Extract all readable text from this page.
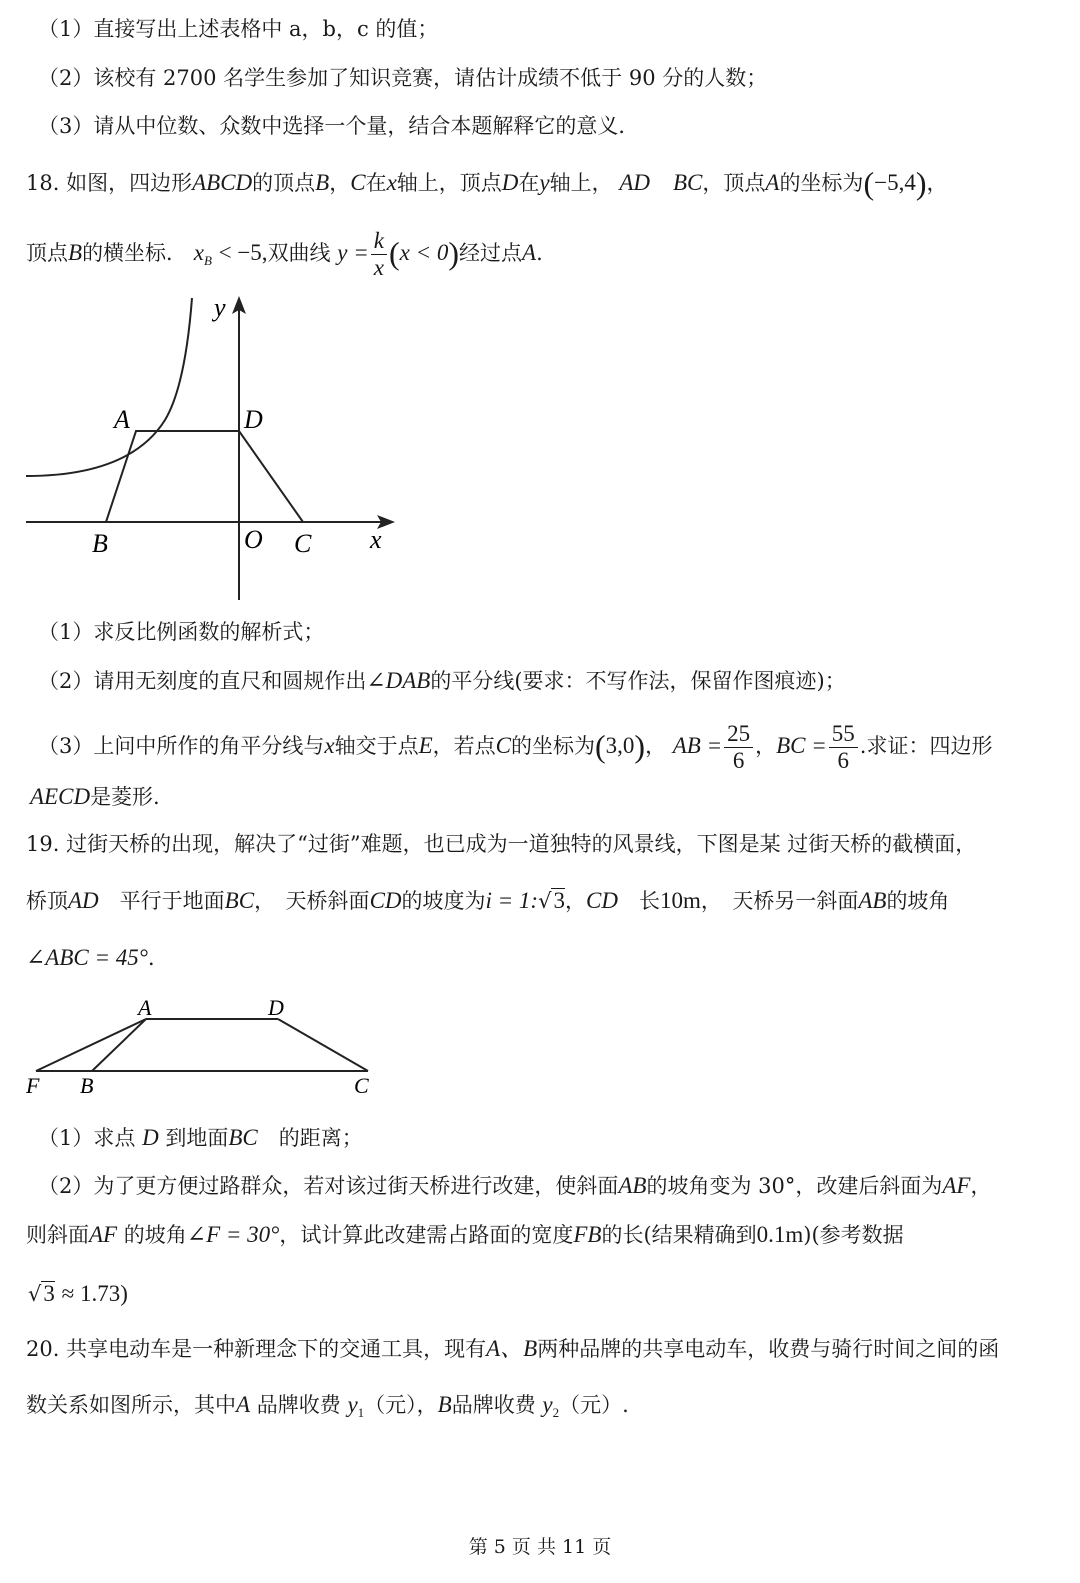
（1）直接写出上述表格中 a，b，c 的值；
（2）该校有 2700 名学生参加了知识竞赛，请估计成绩不低于 90 分的人数；
（3）请从中位数、众数中选择一个量，结合本题解释它的意义．
18. 如图，四边形ABCD的顶点B，C在x轴上，顶点D在y轴上， AD　BC，顶点A的坐标为(−5,4)，
顶点B的横坐标． $x_B < -5$,双曲线 $y = \frac{k}{x} (x < 0)$经过点A.
y
A	D
B	O C x
（1）求反比例函数的解析式；
（2）请用无刻度的直尺和圆规作出∠DAB的平分线(要求：不写作法，保留作图痕迹)；
（3）上问中所作的角平分线与x轴交于点E，若点C的坐标为(3,0)， AB = $\frac{25}{6}$ ，BC = $\frac{55}{6}$ .求证：四边形
AECD是菱形.
19. 过街天桥的出现，解决了“过街”难题，也已成为一道独特的风景线，下图是某 过街天桥的截横面，
桥顶AD　 平行于地面BC，　天桥斜面CD的坡度为i = 1:√3，CD　 长10m，　天桥另一斜面AB的坡角
∠ABC = 45°．
A	D
F B	C
（1）求点 D 到地面BC　 的距离；
（2）为了更方便过路群众，若对该过街天桥进行改建，使斜面AB的坡角变为 30°，改建后斜面为AF，
则斜面AF 的坡角∠F = 30°，试计算此改建需占路面的宽度FB的长(结果精确到0.1m)(参考数据
√3 ≈ 1.73)
20. 共享电动车是一种新理念下的交通工具，现有A、B两种品牌的共享电动车，收费与骑行时间之间的函
数关系如图所示，其中A 品牌收费 $y_1$（元），B品牌收费 $y_2$（元）.
第 5 页 共 11 页
